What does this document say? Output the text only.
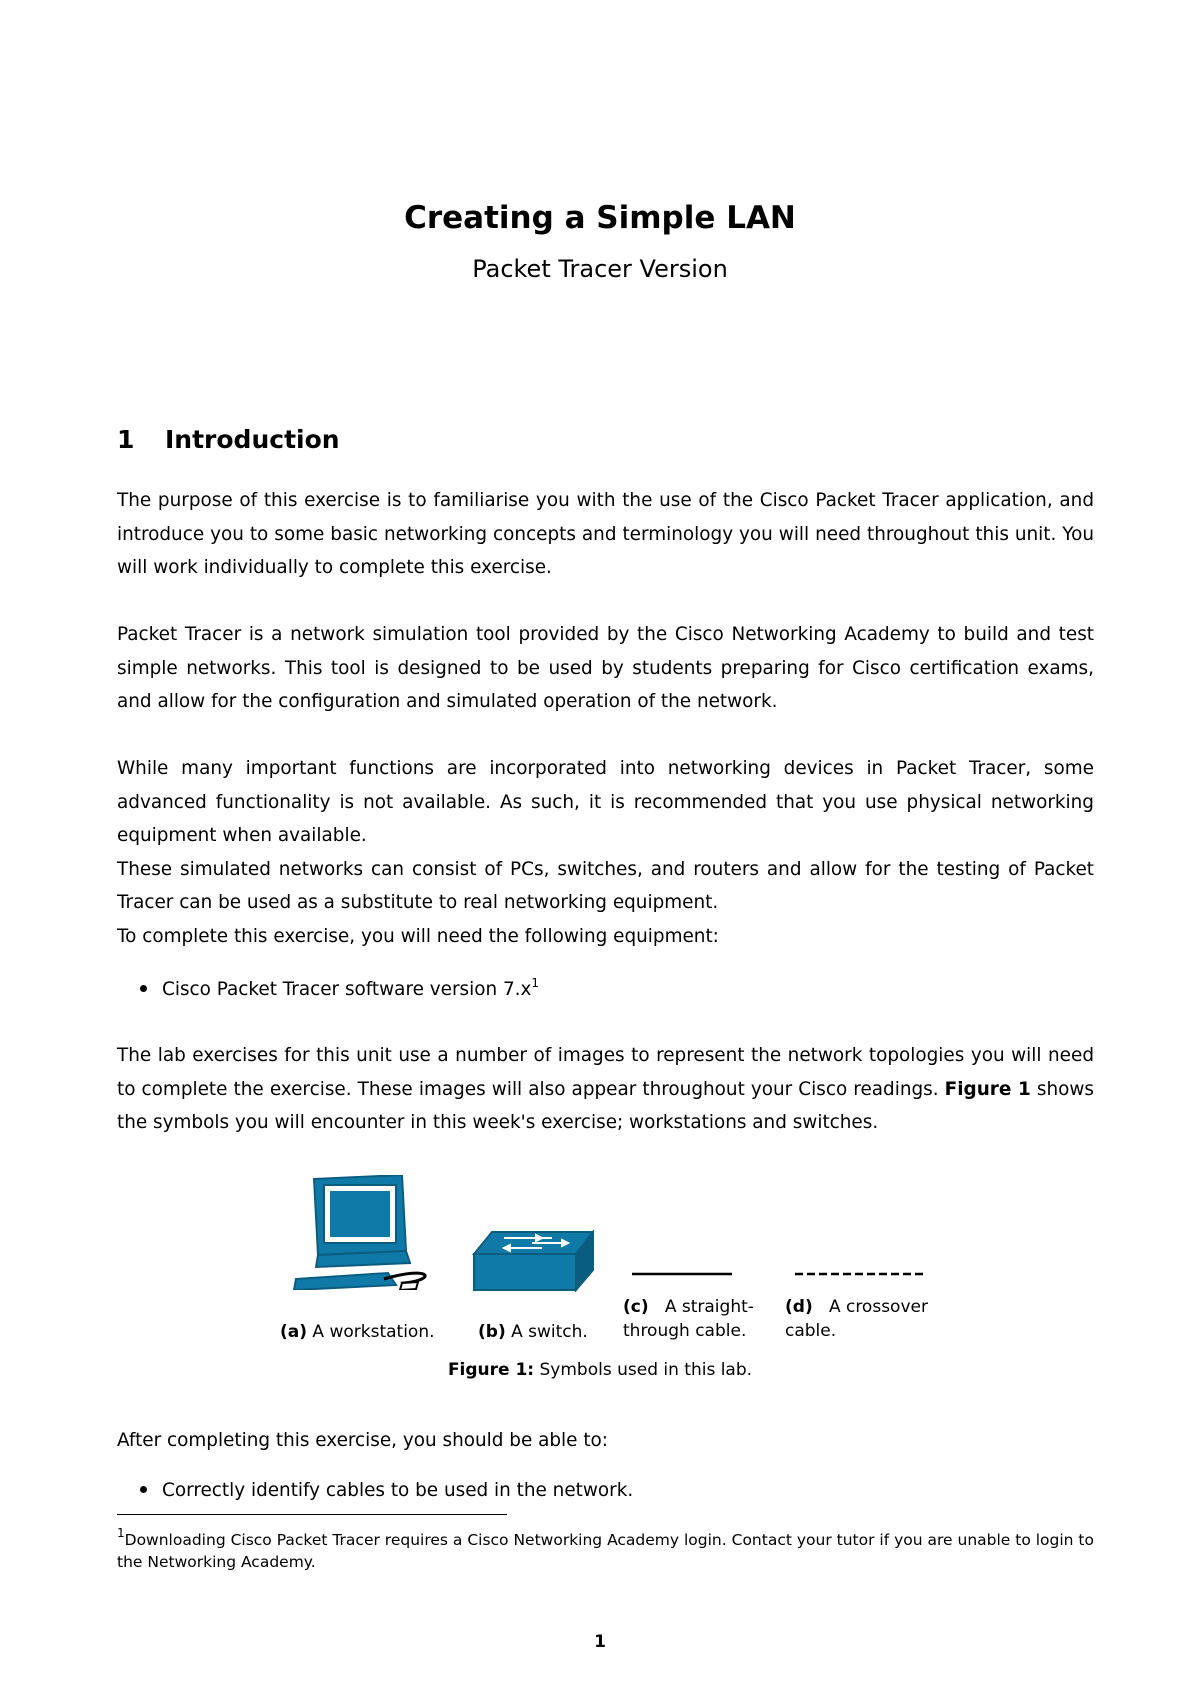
Creating a Simple LAN
Packet Tracer Version
1 Introduction

The purpose of this exercise is to familiarise you with the use of the Cisco Packet Tracer application, and introduce you to some basic networking concepts and terminology you will need throughout this unit. You will work individually to complete this exercise.

Packet Tracer is a network simulation tool provided by the Cisco Networking Academy to build and test simple networks. This tool is designed to be used by students preparing for Cisco certification exams, and allow for the configuration and simulated operation of the network.

While many important functions are incorporated into networking devices in Packet Tracer, some advanced functionality is not available. As such, it is recommended that you use physical networking equipment when available.

These simulated networks can consist of PCs, switches, and routers and allow for the testing of Packet Tracer can be used as a substitute to real networking equipment.

To complete this exercise, you will need the following equipment:

Cisco Packet Tracer software version $7.x^1$

The lab exercises for this unit use a number of images to represent the network topologies you will need to complete the exercise. These images will also appear throughout your Cisco readings. Figure 1 shows the symbols you will encounter in this week's exercise; workstations and switches.

(a) A workstation.	(b) A switch.
(c) A straight-
through cable.
(d) A crossover
cable.
Figure 1: Symbols used in this lab.

After completing this exercise, you should be able to:

Correctly identify cables to be used in the network.
$^1$Downloading Cisco Packet Tracer requires a Cisco Networking Academy login. Contact your tutor if you are unable to login to the Networking Academy.
1
